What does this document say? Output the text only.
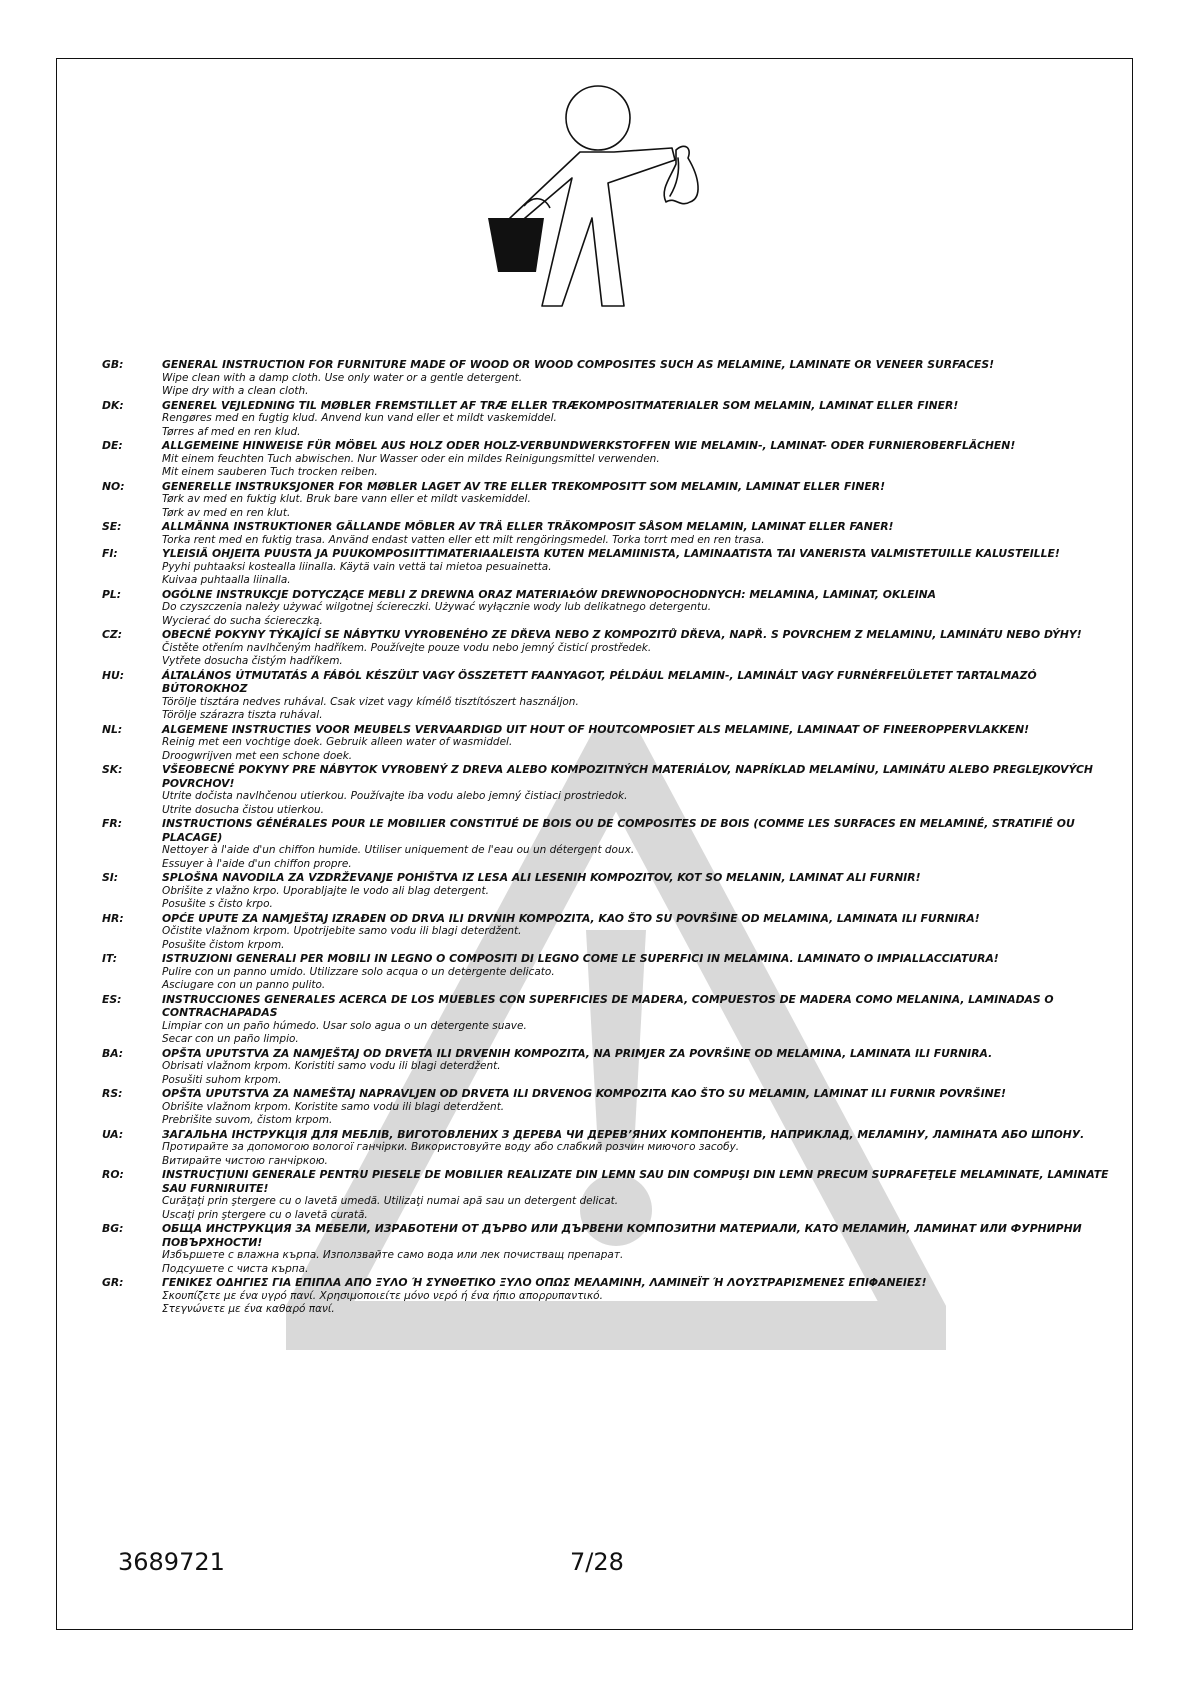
GB:	GENERAL INSTRUCTION FOR FURNITURE MADE OF WOOD OR WOOD COMPOSITES SUCH AS MELAMINE, LAMINATE OR VENEER SURFACES!
Wipe clean with a damp cloth. Use only water or a gentle detergent.
Wipe dry with a clean cloth.
DK:	GENEREL VEJLEDNING TIL MØBLER FREMSTILLET AF TRÆ ELLER TRÆKOMPOSITMATERIALER SOM MELAMIN, LAMINAT ELLER FINER!
Rengøres med en fugtig klud. Anvend kun vand eller et mildt vaskemiddel.
Tørres af med en ren klud.
DE:	ALLGEMEINE HINWEISE FÜR MÖBEL AUS HOLZ ODER HOLZ-VERBUNDWERKSTOFFEN WIE MELAMIN-, LAMINAT- ODER FURNIEROBERFLÄCHEN!
Mit einem feuchten Tuch abwischen. Nur Wasser oder ein mildes Reinigungsmittel verwenden.
Mit einem sauberen Tuch trocken reiben.
NO:	GENERELLE INSTRUKSJONER FOR MØBLER LAGET AV TRE ELLER TREKOMPOSITT SOM MELAMIN, LAMINAT ELLER FINER!
Tørk av med en fuktig klut. Bruk bare vann eller et mildt vaskemiddel.
Tørk av med en ren klut.
SE:	ALLMÄNNA INSTRUKTIONER GÄLLANDE MÖBLER AV TRÄ ELLER TRÄKOMPOSIT SÅSOM MELAMIN, LAMINAT ELLER FANER!
Torka rent med en fuktig trasa. Använd endast vatten eller ett milt rengöringsmedel. Torka torrt med en ren trasa.
FI:	YLEISIÄ OHJEITA PUUSTA JA PUUKOMPOSIITTIMATERIAALEISTA KUTEN MELAMIINISTA, LAMINAATISTA TAI VANERISTA VALMISTETUILLE KALUSTEILLE!
Pyyhi puhtaaksi kostealla liinalla. Käytä vain vettä tai mietoa pesuainetta.
Kuivaa puhtaalla liinalla.
PL:	OGÓLNE INSTRUKCJE DOTYCZĄCE MEBLI Z DREWNA ORAZ MATERIAŁÓW DREWNOPOCHODNYCH: MELAMINA, LAMINAT, OKLEINA
Do czyszczenia należy używać wilgotnej ściereczki. Używać wyłącznie wody lub delikatnego detergentu.
Wycierać do sucha ściereczką.
CZ:	OBECNÉ POKYNY TÝKAJÍCÍ SE NÁBYTKU VYROBENÉHO ZE DŘEVA NEBO Z KOMPOZITŮ DŘEVA, NAPŘ. S POVRCHEM Z MELAMINU, LAMINÁTU NEBO DÝHY!
Čistěte otřením navlhčeným hadříkem. Používejte pouze vodu nebo jemný čisticí prostředek.
Vytřete dosucha čistým hadříkem.
HU:	ÁLTALÁNOS ÚTMUTATÁS A FÁBÓL KÉSZÜLT VAGY ÖSSZETETT FAANYAGOT, PÉLDÁUL MELAMIN-, LAMINÁLT VAGY FURNÉRFELÜLETET TARTALMAZÓ BÚTOROKHOZ
Törölje tisztára nedves ruhával. Csak vizet vagy kímélő tisztítószert használjon.
Törölje szárazra tiszta ruhával.
NL:	ALGEMENE INSTRUCTIES VOOR MEUBELS VERVAARDIGD UIT HOUT OF HOUTCOMPOSIET ALS MELAMINE, LAMINAAT OF FINEEROPPERVLAKKEN!
Reinig met een vochtige doek. Gebruik alleen water of wasmiddel.
Droogwrijven met een schone doek.
SK:	VŠEOBECNÉ POKYNY PRE NÁBYTOK VYROBENÝ Z DREVA ALEBO KOMPOZITNÝCH MATERIÁLOV, NAPRÍKLAD MELAMÍNU, LAMINÁTU ALEBO PREGLEJKOVÝCH POVRCHOV!
Utrite dočista navlhčenou utierkou. Používajte iba vodu alebo jemný čistiaci prostriedok.
Utrite dosucha čistou utierkou.
FR:	INSTRUCTIONS GÉNÉRALES POUR LE MOBILIER CONSTITUÉ DE BOIS OU DE COMPOSITES DE BOIS (COMME LES SURFACES EN MELAMINÉ, STRATIFIÉ OU PLACAGE)
Nettoyer à l'aide d'un chiffon humide. Utiliser uniquement de l'eau ou un détergent doux.
Essuyer à l'aide d'un chiffon propre.
SI:	SPLOŠNA NAVODILA ZA VZDRŽEVANJE POHIŠTVA IZ LESA ALI LESENIH KOMPOZITOV, KOT SO MELANIN, LAMINAT ALI FURNIR!
Obrišite z vlažno krpo. Uporabljajte le vodo ali blag detergent.
Posušite s čisto krpo.
HR:	OPĆE UPUTE ZA NAMJEŠTAJ IZRAĐEN OD DRVA ILI DRVNIH KOMPOZITA, KAO ŠTO SU POVRŠINE OD MELAMINA, LAMINATA ILI FURNIRA!
Očistite vlažnom krpom. Upotrijebite samo vodu ili blagi deterdžent.
Posušite čistom krpom.
IT:	ISTRUZIONI GENERALI PER MOBILI IN LEGNO O COMPOSITI DI LEGNO COME LE SUPERFICI IN MELAMINA. LAMINATO O IMPIALLACCIATURA!
Pulire con un panno umido. Utilizzare solo acqua o un detergente delicato.
Asciugare con un panno pulito.
ES:	INSTRUCCIONES GENERALES ACERCA DE LOS MUEBLES CON SUPERFICIES DE MADERA, COMPUESTOS DE MADERA COMO MELANINA, LAMINADAS O CONTRACHAPADAS
Limpiar con un paño húmedo. Usar solo agua o un detergente suave.
Secar con un paño limpio.
BA:	OPŠTA UPUTSTVA ZA NAMJEŠTAJ OD DRVETA ILI DRVENIH KOMPOZITA, NA PRIMJER ZA POVRŠINE OD MELAMINA, LAMINATA ILI FURNIRA.
Obrisati vlažnom krpom. Koristiti samo vodu ili blagi deterdžent.
Posušiti suhom krpom.
RS:	OPŠTA UPUTSTVA ZA NAMEŠTAJ NAPRAVLJEN OD DRVETA ILI DRVENOG KOMPOZITA KAO ŠTO SU MELAMIN, LAMINAT ILI FURNIR POVRŠINE!
Obrišite vlažnom krpom. Koristite samo vodu ili blagi deterdžent.
Prebrišite suvom, čistom krpom.
UA:	ЗАГАЛЬНА ІНСТРУКЦІЯ ДЛЯ МЕБЛІВ, ВИГОТОВЛЕНИХ З ДЕРЕВА ЧИ ДЕРЕВ’ЯНИХ КОМПОНЕНТІВ, НАПРИКЛАД, МЕЛАМІНУ, ЛАМІНАТА АБО ШПОНУ.
Протирайте за допомогою вологої ганчірки. Використовуйте воду або слабкий розчин миючого засобу.
Витирайте чистою ганчіркою.
RO:	INSTRUCŢIUNI GENERALE PENTRU PIESELE DE MOBILIER REALIZATE DIN LEMN SAU DIN COMPUŞI DIN LEMN PRECUM SUPRAFEŢELE MELAMINATE, LAMINATE SAU FURNIRUITE!
Curăţaţi prin ştergere cu o lavetă umedă. Utilizaţi numai apă sau un detergent delicat.
Uscaţi prin ştergere cu o lavetă curată.
BG:	ОБЩА ИНСТРУКЦИЯ ЗА МЕБЕЛИ, ИЗРАБОТЕНИ ОТ ДЪРВО ИЛИ ДЪРВЕНИ КОМПОЗИТНИ МАТЕРИАЛИ, КАТО МЕЛАМИН, ЛАМИНАТ ИЛИ ФУРНИРНИ ПОВЪРХНОСТИ!
Избършете с влажна кърпа. Използвайте само вода или лек почистващ препарат.
Подсушете с чиста кърпа.
GR:	ΓΕΝΙΚΕΣ ΟΔΗΓΙΕΣ ΓΙΑ ΕΠΙΠΛΑ ΑΠΟ ΞΥΛΟ Ή ΣΥΝΘΕΤΙΚΟ ΞΥΛΟ ΟΠΩΣ ΜΕΛΑΜΙΝΗ, ΛΑΜΙΝΕΪΤ Ή ΛΟΥΣΤΡΑΡΙΣΜΕΝΕΣ ΕΠΙΦΑΝΕΙΕΣ!
Σκουπίζετε με ένα υγρό πανί. Χρησιμοποιείτε μόνο νερό ή ένα ήπιο απορρυπαντικό.
Στεγνώνετε με ένα καθαρό πανί.
3689721	7/28
